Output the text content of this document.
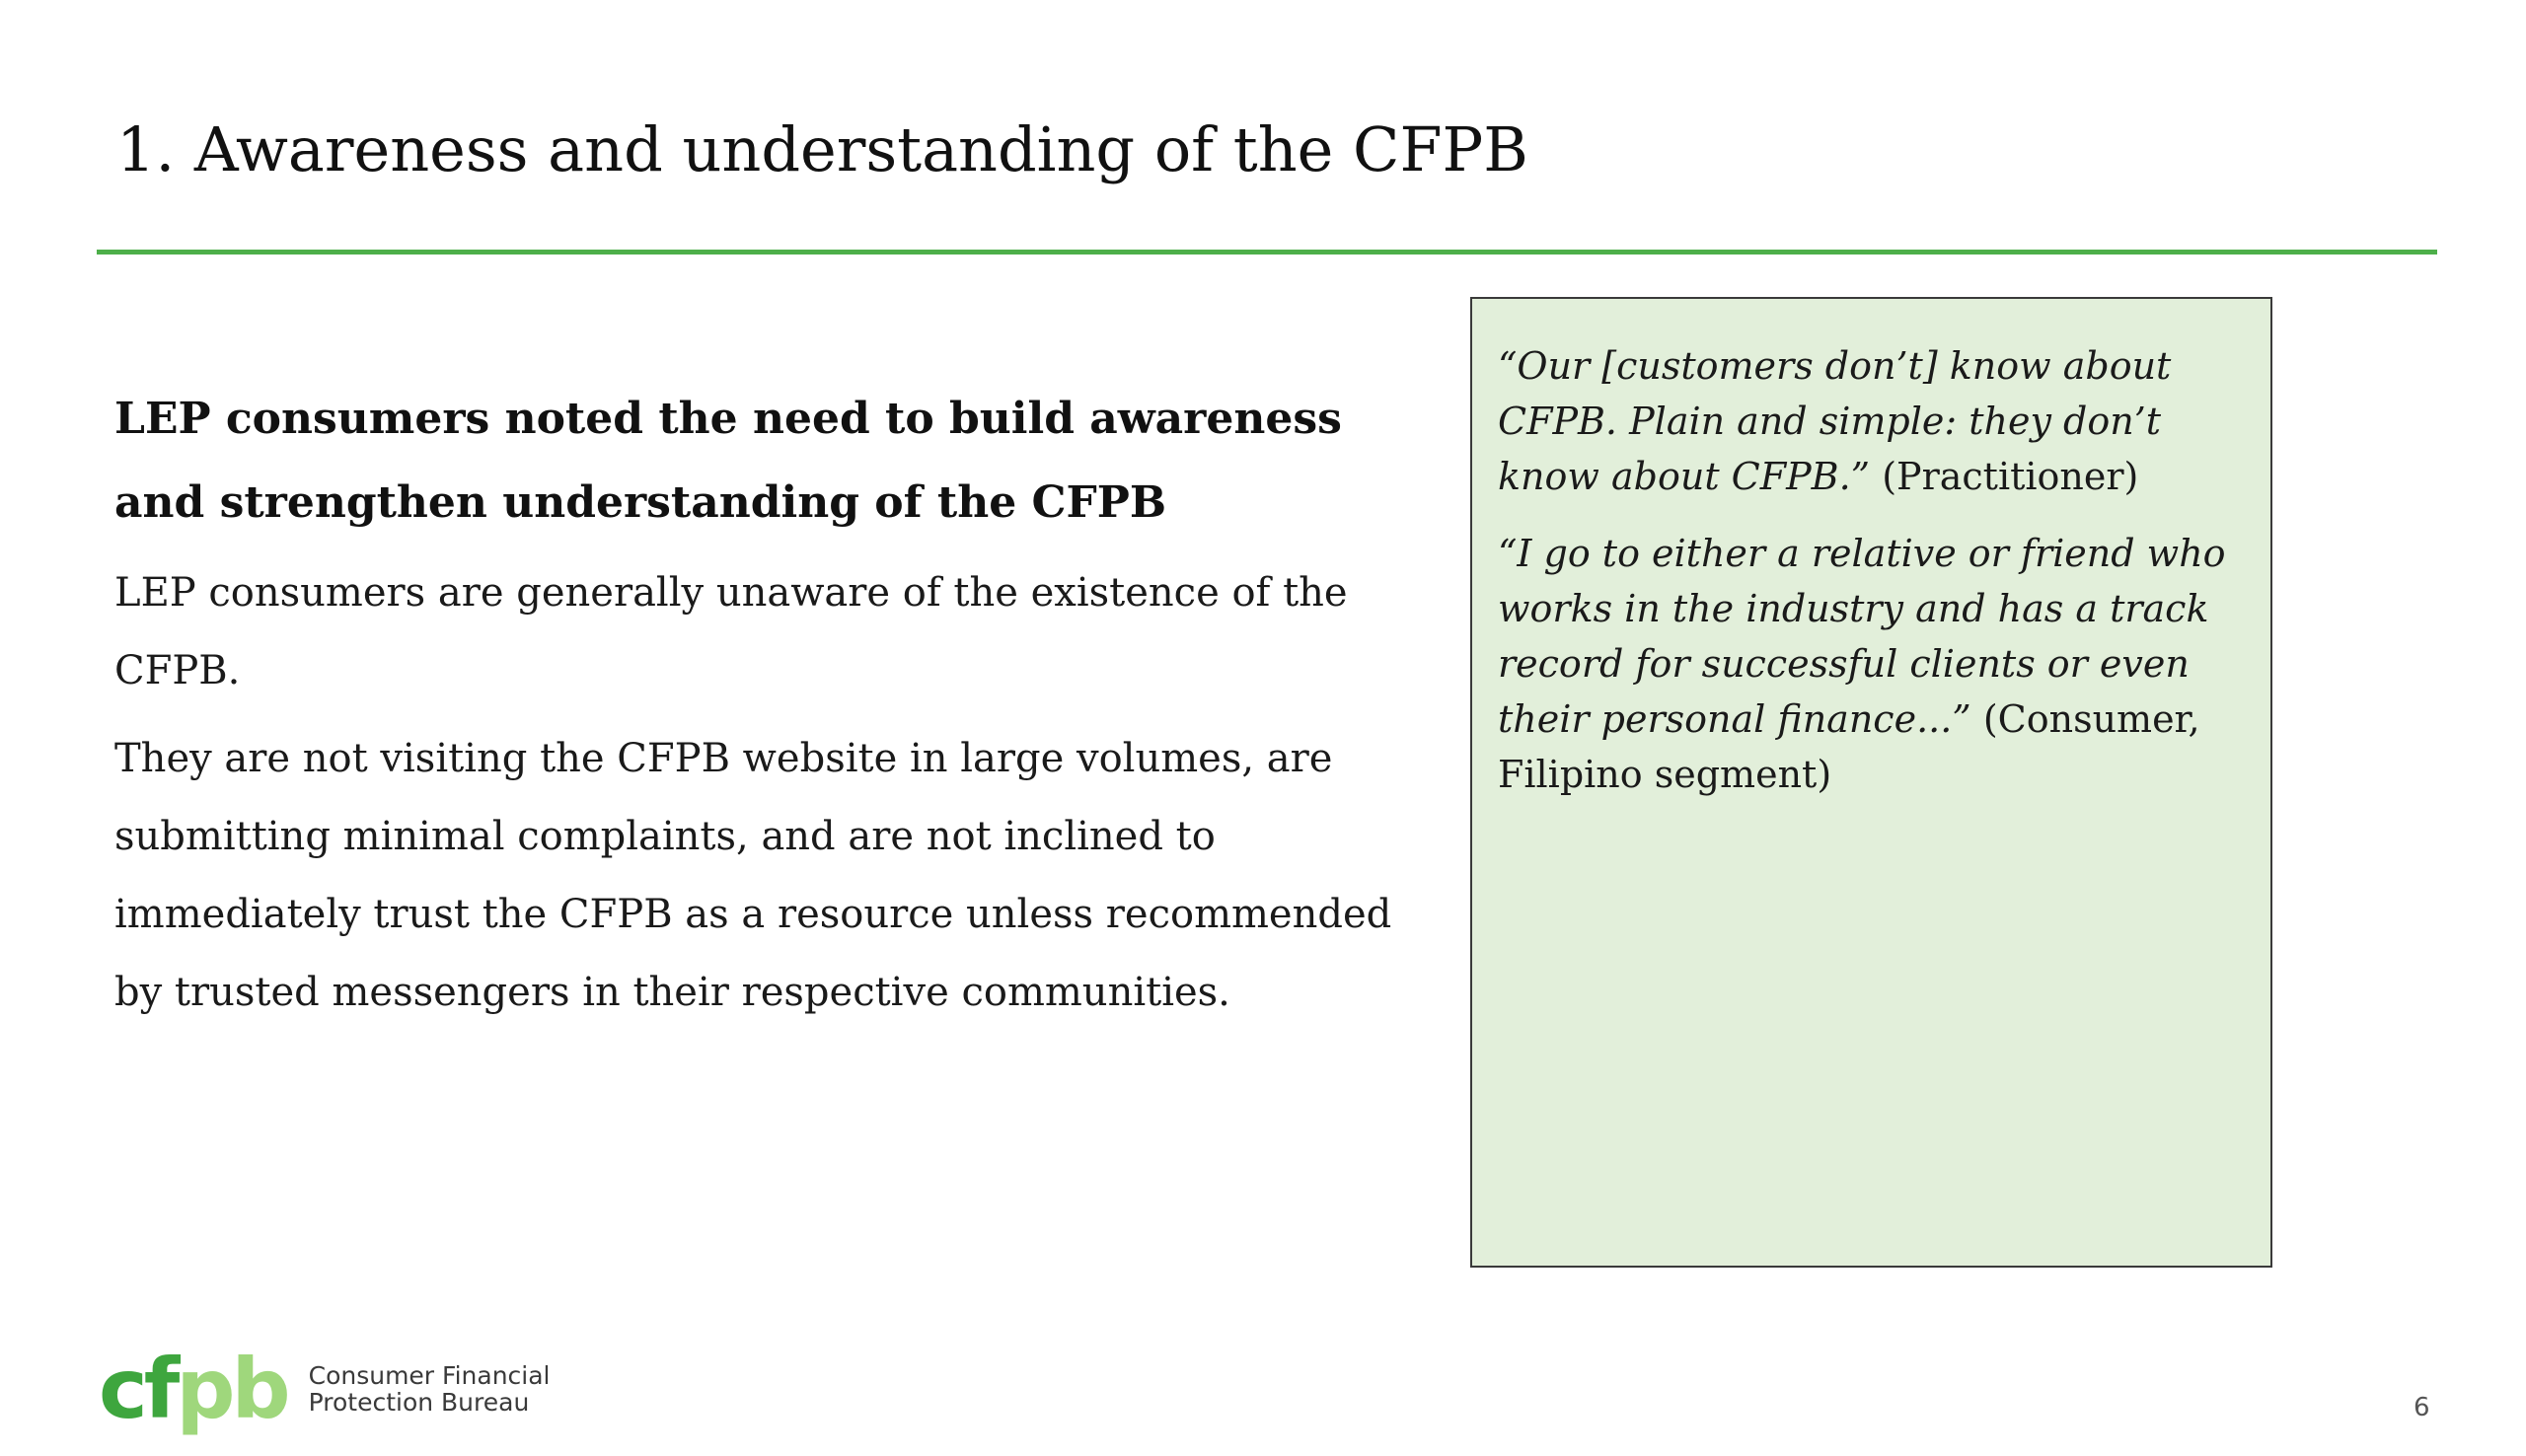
1. Awareness and understanding of the CFPB
LEP consumers noted the need to build awareness and strengthen understanding of the CFPB

LEP consumers are generally unaware of the existence of the CFPB.

They are not visiting the CFPB website in large volumes, are submitting minimal complaints, and are not inclined to immediately trust the CFPB as a resource unless recommended by trusted messengers in their respective communities.

“Our [customers don’t] know about CFPB. Plain and simple: they don’t know about CFPB.” (Practitioner)

“I go to either a relative or friend who works in the industry and has a track record for successful clients or even their personal finance...” (Consumer, Filipino segment)

cfpb Consumer Financial
Protection Bureau	6
